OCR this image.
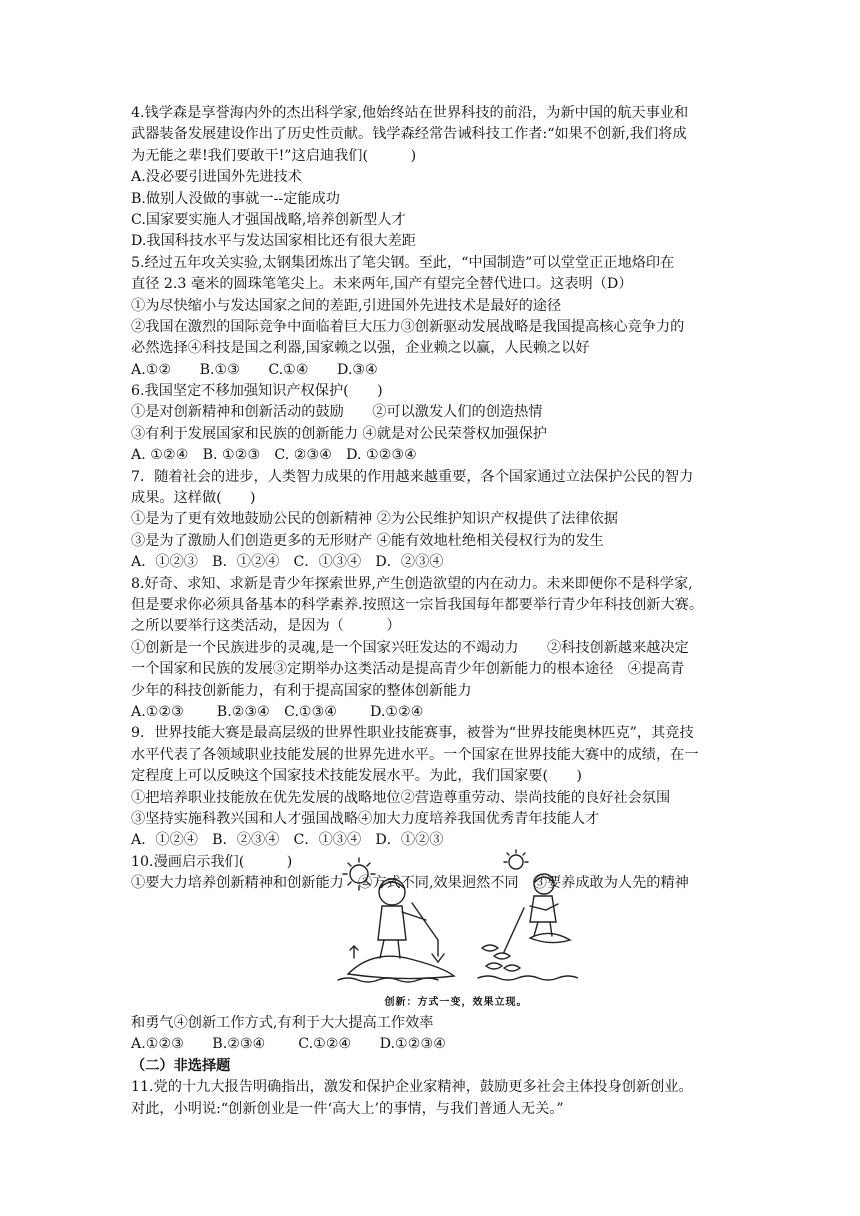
4.钱学森是享誉海内外的杰出科学家,他始终站在世界科技的前沿，为新中国的航天事业和
武器装备发展建设作出了历史性贡献。钱学森经常告诫科技工作者:“如果不创新,我们将成
为无能之辈!我们要敢干!”这启迪我们(　　　)
A.没必要引进国外先进技术
B.做别人没做的事就一--定能成功
C.国家要实施人才强国战略,培养创新型人才
D.我国科技水平与发达国家相比还有很大差距
5.经过五年攻关实验,太钢集团炼出了笔尖钢。至此，“中国制造”可以堂堂正正地烙印在
直径 2.3 毫米的圆珠笔笔尖上。未来两年,国产有望完全替代进口。这表明（D）
①为尽快缩小与发达国家之间的差距,引进国外先进技术是最好的途径
②我国在激烈的国际竞争中面临着巨大压力③创新驱动发展战略是我国提高核心竞争力的
必然选择④科技是国之利器,国家赖之以强，企业赖之以赢，人民赖之以好
A.①②　　B.①③　　C.①④　　D.③④
6.我国坚定不移加强知识产权保护(　　)
①是对创新精神和创新活动的鼓励　　②可以激发人们的创造热情
③有利于发展国家和民族的创新能力 ④就是对公民荣誉权加强保护
A. ①②④　B. ①②③　C. ②③④　D. ①②③④
7．随着社会的进步，人类智力成果的作用越来越重要，各个国家通过立法保护公民的智力
成果。这样做(　　)
①是为了更有效地鼓励公民的创新精神 ②为公民维护知识产权提供了法律依据
③是为了激励人们创造更多的无形财产 ④能有效地杜绝相关侵权行为的发生
A．①②③　B．①②④　C．①③④　D．②③④
8.好奇、求知、求新是青少年探索世界,产生创造欲望的内在动力。未来即便你不是科学家,
但是要求你必须具备基本的科学素养.按照这一宗旨我国每年都要举行青少年科技创新大赛。
之所以要举行这类活动，是因为（　　　）
①创新是一个民族进步的灵魂,是一个国家兴旺发达的不竭动力　　②科技创新越来越决定
一个国家和民族的发展③定期举办这类活动是提高青少年创新能力的根本途径　④提高青
少年的科技创新能力，有利于提高国家的整体创新能力
A.①②③　　 B.②③④　C.①③④　　 D.①②④
9．世界技能大赛是最高层级的世界性职业技能赛事，被誉为“世界技能奥林匹克”，其竞技
水平代表了各领域职业技能发展的世界先进水平。一个国家在世界技能大赛中的成绩，在一
定程度上可以反映这个国家技术技能发展水平。为此，我们国家要(　　)
①把培养职业技能放在优先发展的战略地位②营造尊重劳动、崇尚技能的良好社会氛围
③坚持实施科教兴国和人才强国战略④加大力度培养我国优秀青年技能人才
A．①②④　B．②③④　C．①③④　D．①②③
10.漫画启示我们(　　　)
①要大力培养创新精神和创新能力　②方式不同,效果迥然不同　③要养成敢为人先的精神
创新：方式一变，效果立现。
和勇气④创新工作方式,有利于大大提高工作效率
A.①②③　　B.②③④　　 C.①②④　　D.①②③④
（二）非选择题
11.党的十九大报告明确指出，激发和保护企业家精神，鼓励更多社会主体投身创新创业。
对此，小明说:“创新创业是一件‘高大上’的事情，与我们普通人无关。”
